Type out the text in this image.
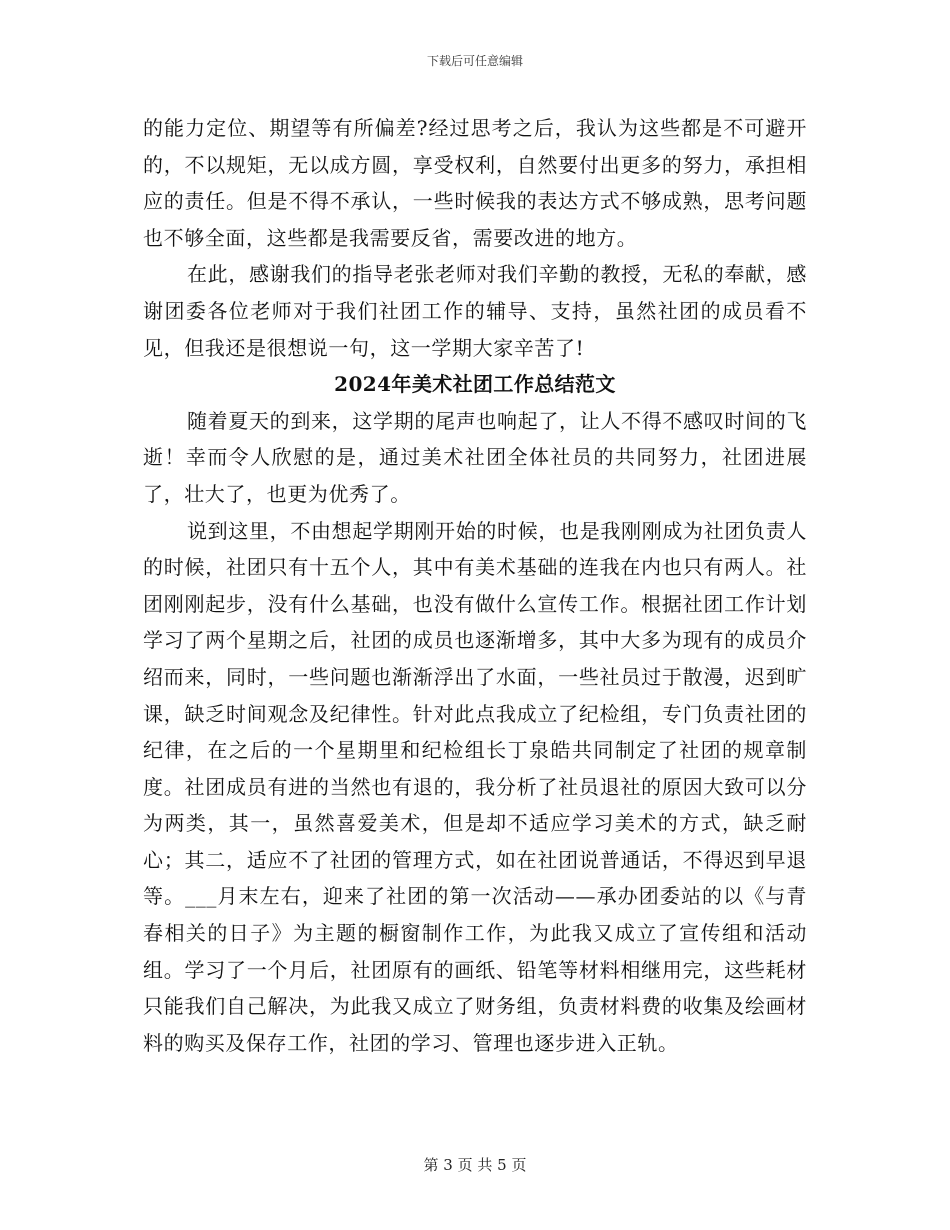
下载后可任意编辑

的能力定位、期望等有所偏差?经过思考之后，我认为这些都是不可避开的，不以规矩，无以成方圆，享受权利，自然要付出更多的努力，承担相应的责任。但是不得不承认，一些时候我的表达方式不够成熟，思考问题也不够全面，这些都是我需要反省，需要改进的地方。

在此，感谢我们的指导老张老师对我们辛勤的教授，无私的奉献，感谢团委各位老师对于我们社团工作的辅导、支持，虽然社团的成员看不见，但我还是很想说一句，这一学期大家辛苦了!

2024年美术社团工作总结范文

随着夏天的到来，这学期的尾声也响起了，让人不得不感叹时间的飞逝！幸而令人欣慰的是，通过美术社团全体社员的共同努力，社团进展了，壮大了，也更为优秀了。

说到这里，不由想起学期刚开始的时候，也是我刚刚成为社团负责人的时候，社团只有十五个人，其中有美术基础的连我在内也只有两人。社团刚刚起步，没有什么基础，也没有做什么宣传工作。根据社团工作计划学习了两个星期之后，社团的成员也逐渐增多，其中大多为现有的成员介绍而来，同时，一些问题也渐渐浮出了水面，一些社员过于散漫，迟到旷课，缺乏时间观念及纪律性。针对此点我成立了纪检组，专门负责社团的纪律，在之后的一个星期里和纪检组长丁泉皓共同制定了社团的规章制度。社团成员有进的当然也有退的，我分析了社员退社的原因大致可以分为两类，其一，虽然喜爱美术，但是却不适应学习美术的方式，缺乏耐心；其二，适应不了社团的管理方式，如在社团说普通话，不得迟到早退等。___月末左右，迎来了社团的第一次活动——承办团委站的以《与青春相关的日子》为主题的橱窗制作工作，为此我又成立了宣传组和活动组。学习了一个月后，社团原有的画纸、铅笔等材料相继用完，这些耗材只能我们自己解决，为此我又成立了财务组，负责材料费的收集及绘画材料的购买及保存工作，社团的学习、管理也逐步进入正轨。

第 3 页 共 5 页
